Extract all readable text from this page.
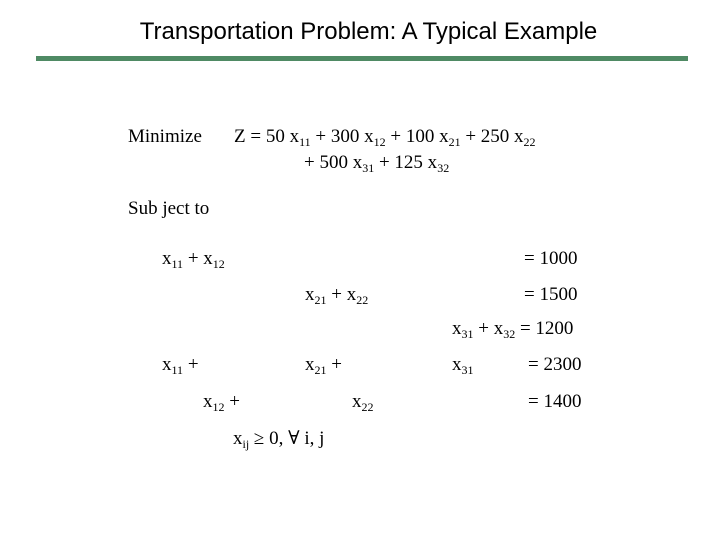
Transportation Problem: A Typical Example
Minimize Z = 50 $x_{11} + 300$ $x_{12} + 100$ $x_{21} + 250$ $x_{22}$
+ 500 $x_{31} + 125$ $x_{32}$
Sub ject to
$x_{11} + x_{12}$	= 1000
$x_{21} + x_{22}$	= 1500
$x_{31} + x_{32} = 1200$
$x_{11}$ +	$x_{21}$ +	$x_{31}$	= 2300
$x_{12}$ +	$x_{22}$	= 1400
$x_{ij} \ge 0$, ∀ i, j
